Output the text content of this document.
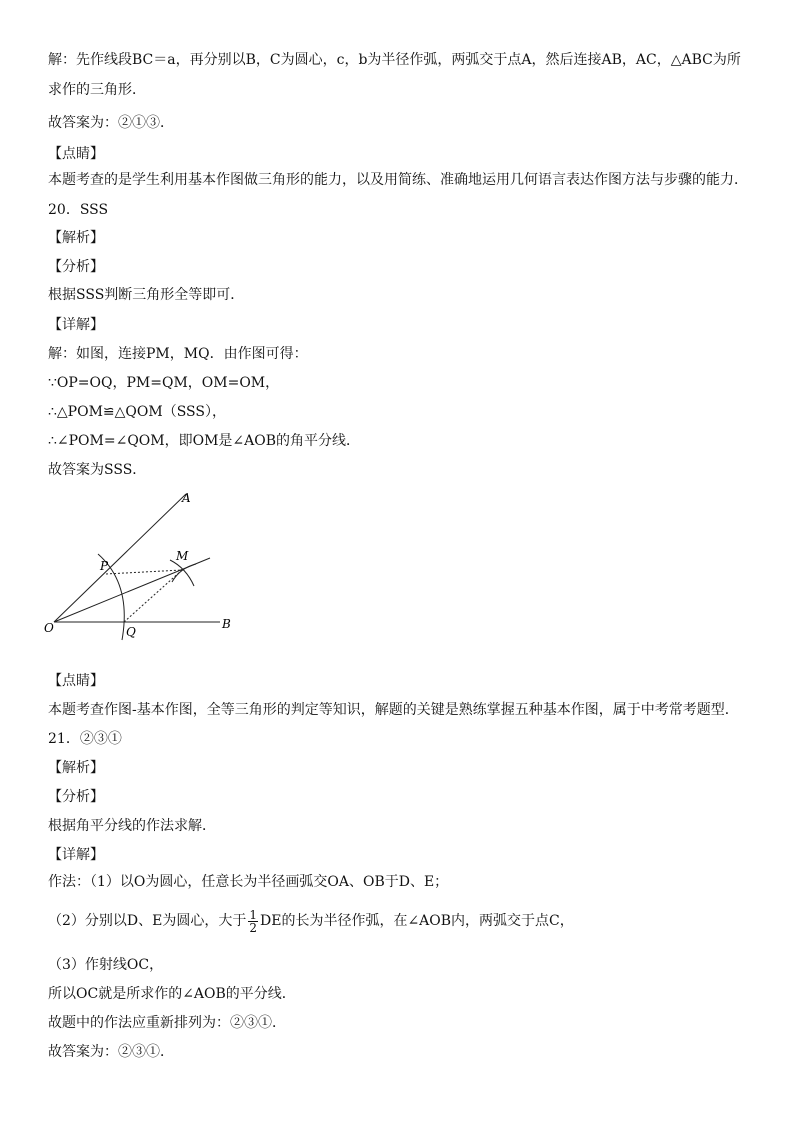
解：先作线段BC＝a，再分别以B，C为圆心，c，b为半径作弧，两弧交于点A，然后连接AB，AC，△ABC为所
求作的三角形．
故答案为：②①③．
【点睛】
本题考查的是学生利用基本作图做三角形的能力，以及用简练、准确地运用几何语言表达作图方法与步骤的能力．
20．SSS
【解析】
【分析】
根据SSS判断三角形全等即可．
【详解】
解：如图，连接PM，MQ．由作图可得：
∵OP=OQ，PM=QM，OM=OM，
∴△POM≌△QOM（SSS），
∴∠POM=∠QOM，即OM是∠AOB的角平分线．
故答案为SSS．
A
B
O
P
Q
M
【点睛】
本题考查作图-基本作图，全等三角形的判定等知识，解题的关键是熟练掌握五种基本作图，属于中考常考题型．
21．②③①
【解析】
【分析】
根据角平分线的作法求解．
【详解】
作法：（1）以O为圆心，任意长为半径画弧交OA、OB于D、E；
（2）分别以D、E为圆心，大于 $\frac{1}{2}$ DE的长为半径作弧，在∠AOB内，两弧交于点C，
（3）作射线OC，
所以OC就是所求作的∠AOB的平分线．
故题中的作法应重新排列为：②③①．
故答案为：②③①．
